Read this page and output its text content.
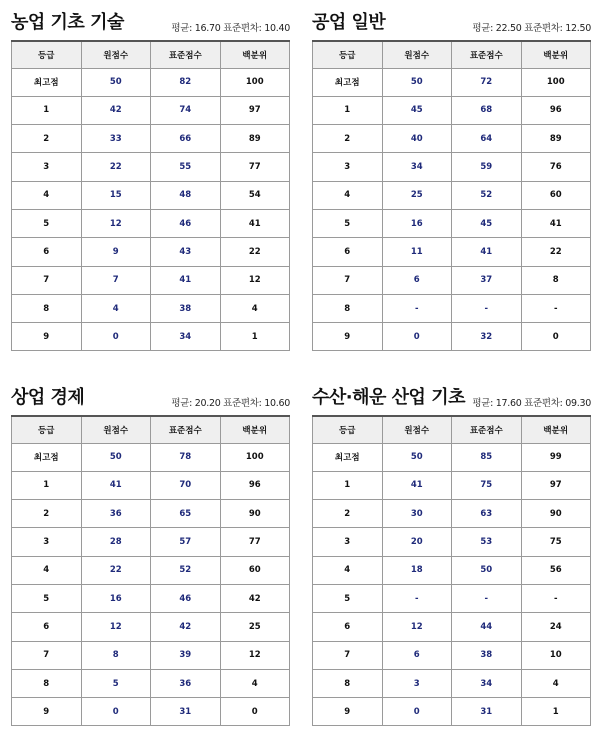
농업 기초 기술	평균: 16.70 표준편차: 10.40
등급	원점수	표준점수	백분위
최고점	50	82	100
1	42	74	97
2	33	66	89
3	22	55	77
4	15	48	54
5	12	46	41
6	9	43	22
7	7	41	12
8	4	38	4
9	0	34	1
공업 일반	평균: 22.50 표준편차: 12.50
등급	원점수	표준점수	백분위
최고점	50	72	100
1	45	68	96
2	40	64	89
3	34	59	76
4	25	52	60
5	16	45	41
6	11	41	22
7	6	37	8
8	-	-	-
9	0	32	0
상업 경제	평균: 20.20 표준편차: 10.60
등급	원점수	표준점수	백분위
최고점	50	78	100
1	41	70	96
2	36	65	90
3	28	57	77
4	22	52	60
5	16	46	42
6	12	42	25
7	8	39	12
8	5	36	4
9	0	31	0
수산·해운 산업 기초 평균: 17.60 표준편차: 09.30
등급	원점수	표준점수	백분위
최고점	50	85	99
1	41	75	97
2	30	63	90
3	20	53	75
4	18	50	56
5	-	-	-
6	12	44	24
7	6	38	10
8	3	34	4
9	0	31	1
